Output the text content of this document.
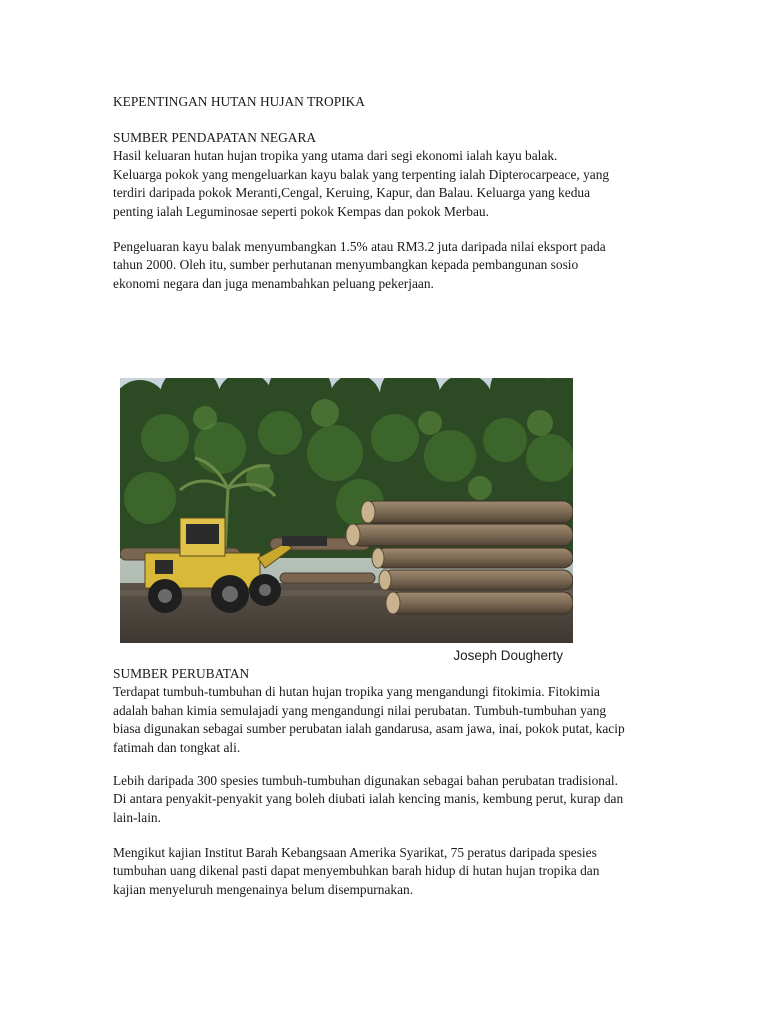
KEPENTINGAN HUTAN HUJAN TROPIKA
SUMBER PENDAPATAN NEGARA

Hasil keluaran hutan hujan tropika yang utama dari segi ekonomi ialah kayu balak.
Keluarga pokok yang mengeluarkan kayu balak yang terpenting ialah Dipterocarpeace, yang
terdiri daripada pokok Meranti,Cengal, Keruing, Kapur, dan Balau. Keluarga yang kedua
penting ialah Leguminosae seperti pokok Kempas dan pokok Merbau.

Pengeluaran kayu balak menyumbangkan 1.5% atau RM3.2 juta daripada nilai eksport pada
tahun 2000. Oleh itu, sumber perhutanan menyumbangkan kepada pembangunan sosio
ekonomi negara dan juga menambahkan peluang pekerjaan.

Joseph Dougherty
SUMBER PERUBATAN

Terdapat tumbuh-tumbuhan di hutan hujan tropika yang mengandungi fitokimia. Fitokimia
adalah bahan kimia semulajadi yang mengandungi nilai perubatan. Tumbuh-tumbuhan yang
biasa digunakan sebagai sumber perubatan ialah gandarusa, asam jawa, inai, pokok putat, kacip
fatimah dan tongkat ali.

Lebih daripada 300 spesies tumbuh-tumbuhan digunakan sebagai bahan perubatan tradisional.
Di antara penyakit-penyakit yang boleh diubati ialah kencing manis, kembung perut, kurap dan
lain-lain.

Mengikut kajian Institut Barah Kebangsaan Amerika Syarikat, 75 peratus daripada spesies
tumbuhan uang dikenal pasti dapat menyembuhkan barah hidup di hutan hujan tropika dan
kajian menyeluruh mengenainya belum disempurnakan.
